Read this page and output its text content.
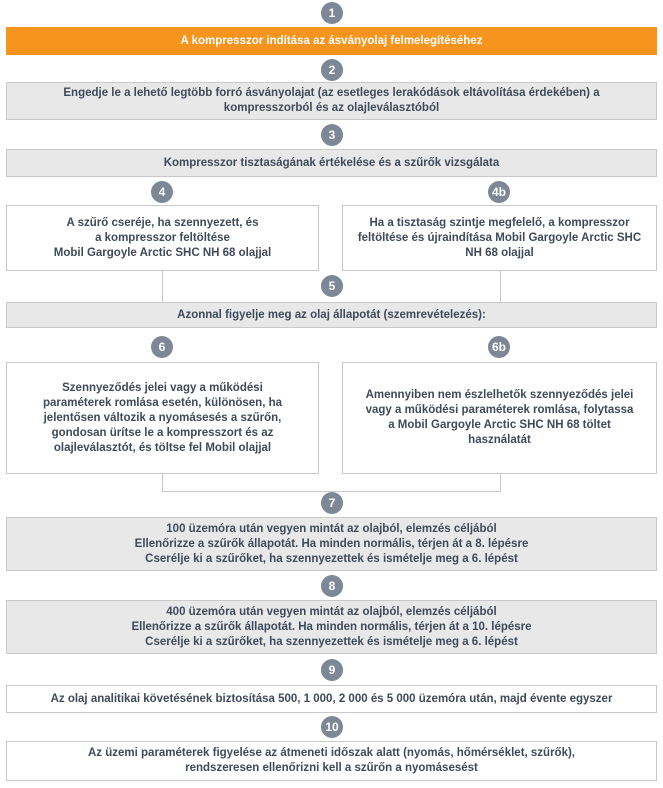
1
A kompresszor indítása az ásványolaj felmelegítéséhez
2
Engedje le a lehető legtöbb forró ásványolajat (az esetleges lerakódások eltávolítása érdekében) a
kompresszorból és az olajleválasztóból
3
Kompresszor tisztaságának értékelése és a szűrők vizsgálata
4
A szűrő cseréje, ha szennyezett, és
a kompresszor feltöltése
Mobil Gargoyle Arctic SHC NH 68 olajjal
4b
Ha a tisztaság szintje megfelelő, a kompresszor
feltöltése és újraindítása Mobil Gargoyle Arctic SHC
NH 68 olajjal
5
Azonnal figyelje meg az olaj állapotát (szemrevételezés):
6
Szennyeződés jelei vagy a működési
paraméterek romlása esetén, különösen, ha
jelentősen változik a nyomásesés a szűrőn,
gondosan ürítse le a kompresszort és az
olajleválasztót, és töltse fel Mobil olajjal
6b
Amennyiben nem észlelhetők szennyeződés jelei
vagy a működési paraméterek romlása, folytassa
a Mobil Gargoyle Arctic SHC NH 68 töltet
használatát
7
100 üzemóra után vegyen mintát az olajból, elemzés céljából
Ellenőrizze a szűrők állapotát. Ha minden normális, térjen át a 8. lépésre
Cserélje ki a szűrőket, ha szennyezettek és ismételje meg a 6. lépést
8
400 üzemóra után vegyen mintát az olajból, elemzés céljából
Ellenőrizze a szűrők állapotát. Ha minden normális, térjen át a 10. lépésre
Cserélje ki a szűrőket, ha szennyezettek és ismételje meg a 6. lépést
9
Az olaj analitikai követésének biztosítása 500, 1 000, 2 000 és 5 000 üzemóra után, majd évente egyszer
10
Az üzemi paraméterek figyelése az átmeneti időszak alatt (nyomás, hőmérséklet, szűrők),
rendszeresen ellenőrizni kell a szűrőn a nyomásesést
